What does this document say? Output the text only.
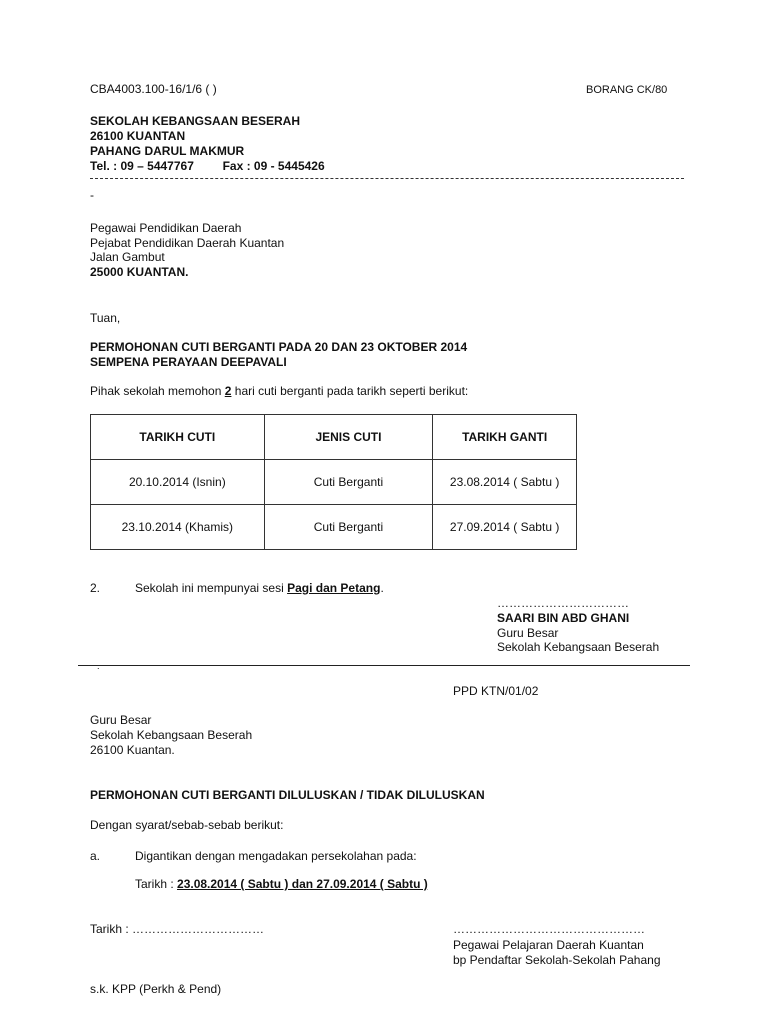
CBA4003.100-16/1/6 ( )	BORANG CK/80
SEKOLAH KEBANGSAAN BESERAH
26100 KUANTAN
PAHANG DARUL MAKMUR
Tel. : 09 – 5447767 Fax : 09 - 5445426
-
Pegawai Pendidikan Daerah
Pejabat Pendidikan Daerah Kuantan
Jalan Gambut
25000 KUANTAN.
Tuan,
PERMOHONAN CUTI BERGANTI PADA 20 DAN 23 OKTOBER 2014
SEMPENA PERAYAAN DEEPAVALI
Pihak sekolah memohon 2 hari cuti berganti pada tarikh seperti berikut:
TARIKH CUTI	JENIS CUTI	TARIKH GANTI
20.10.2014 (Isnin)	Cuti Berganti	23.08.2014 ( Sabtu )
23.10.2014 (Khamis)	Cuti Berganti	27.09.2014 ( Sabtu )
2.	Sekolah ini mempunyai sesi Pagi dan Petang.
……………………………
SAARI BIN ABD GHANI
Guru Besar
Sekolah Kebangsaan Beserah
.
PPD KTN/01/02
Guru Besar
Sekolah Kebangsaan Beserah
26100 Kuantan.
PERMOHONAN CUTI BERGANTI DILULUSKAN / TIDAK DILULUSKAN
Dengan syarat/sebab-sebab berikut:
a.	Digantikan dengan mengadakan persekolahan pada:
Tarikh : 23.08.2014 ( Sabtu ) dan 27.09.2014 ( Sabtu )
Tarikh : ……………………………	…………………………………………
Pegawai Pelajaran Daerah Kuantan
bp Pendaftar Sekolah-Sekolah Pahang
s.k. KPP (Perkh & Pend)
